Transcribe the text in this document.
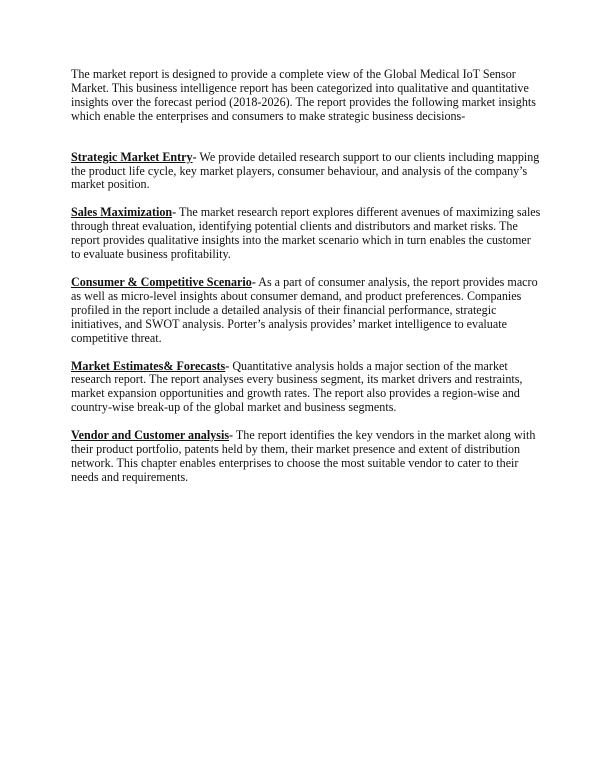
The market report is designed to provide a complete view of the Global Medical IoT Sensor Market. This business intelligence report has been categorized into qualitative and quantitative insights over the forecast period (2018-2026). The report provides the following market insights which enable the enterprises and consumers to make strategic business decisions-

Strategic Market Entry- We provide detailed research support to our clients including mapping the product life cycle, key market players, consumer behaviour, and analysis of the company’s market position.

Sales Maximization- The market research report explores different avenues of maximizing sales through threat evaluation, identifying potential clients and distributors and market risks. The report provides qualitative insights into the market scenario which in turn enables the customer to evaluate business profitability.

Consumer & Competitive Scenario- As a part of consumer analysis, the report provides macro as well as micro-level insights about consumer demand, and product preferences. Companies profiled in the report include a detailed analysis of their financial performance, strategic initiatives, and SWOT analysis. Porter’s analysis provides’ market intelligence to evaluate competitive threat.

Market Estimates& Forecasts- Quantitative analysis holds a major section of the market research report. The report analyses every business segment, its market drivers and restraints, market expansion opportunities and growth rates. The report also provides a region-wise and country-wise break-up of the global market and business segments.

Vendor and Customer analysis- The report identifies the key vendors in the market along with their product portfolio, patents held by them, their market presence and extent of distribution network. This chapter enables enterprises to choose the most suitable vendor to cater to their needs and requirements.
